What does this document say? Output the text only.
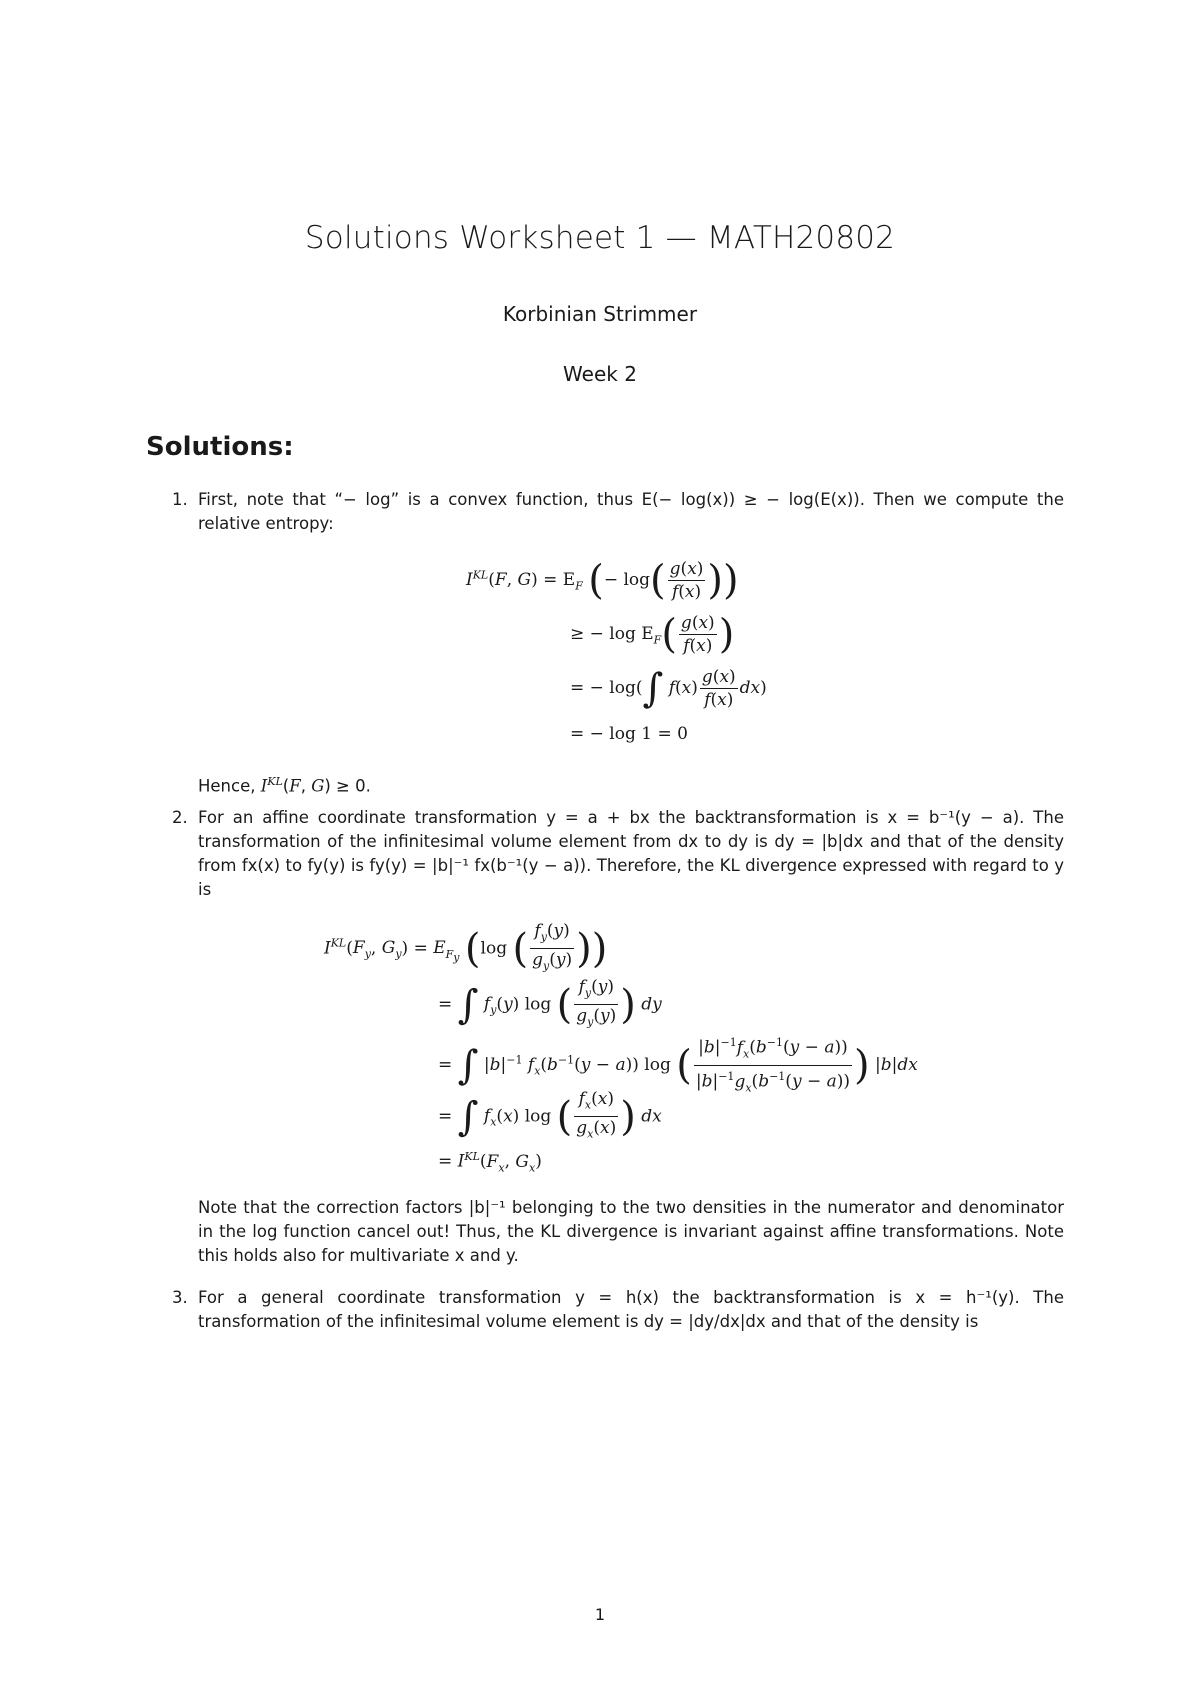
Solutions Worksheet 1 — MATH20802
Korbinian Strimmer
Week 2
Solutions:
1. First, note that “− log” is a convex function, thus E(− log(x)) ≥ − log(E(x)). Then we compute the relative entropy:
$I^{KL}(F$, $G) = E_F$ (− $\log( \frac{g(x)}{f(x)}$ ))
≥ − $\log E_F( \frac{g(x)}{f(x)}$ )
= − log(∫ $f(x) \frac{g(x)}{f(x)} dx$)
= − log 1 = 0
Hence, $I^{KL}(F$, G) ≥ 0.
2. For an affine coordinate transformation y = a + bx the backtransformation is x = b⁻¹(y − a). The transformation of the infinitesimal volume element from dx to dy is dy = |b|dx and that of the density from fx(x) to fy(y) is fy(y) = |b|⁻¹ fx(b⁻¹(y − a)). Therefore, the KL divergence expressed with regard to y is
$I^{KL}(F_y$, $G_y) = E_{F_y}$ (log ( $\frac{f_y(y)}{g_y(y)}$ ))
= ∫ $f_y(y)$ log ( $\frac{f_y(y)}{g_y(y)}$ ) dy
= ∫ $|b|^{-1}$ $f_x(b^{-1}(y - a))$ log ( $\frac{|b|^{-1}f_x(b^{-1}(y - a))}{|b|^{-1}g_x(b^{-1}(y - a))}$ ) |b|dx
= ∫ $f_x(x)$ log ( $\frac{f_x(x)}{g_x(x)}$ ) dx
= $I^{KL}(F_x$, $G_x$)
Note that the correction factors |b|⁻¹ belonging to the two densities in the numerator and denominator in the log function cancel out! Thus, the KL divergence is invariant against affine transformations. Note this holds also for multivariate x and y.
3. For a general coordinate transformation y = h(x) the backtransformation is x = h⁻¹(y). The transformation of the infinitesimal volume element is dy = |dy/dx|dx and that of the density is
1
